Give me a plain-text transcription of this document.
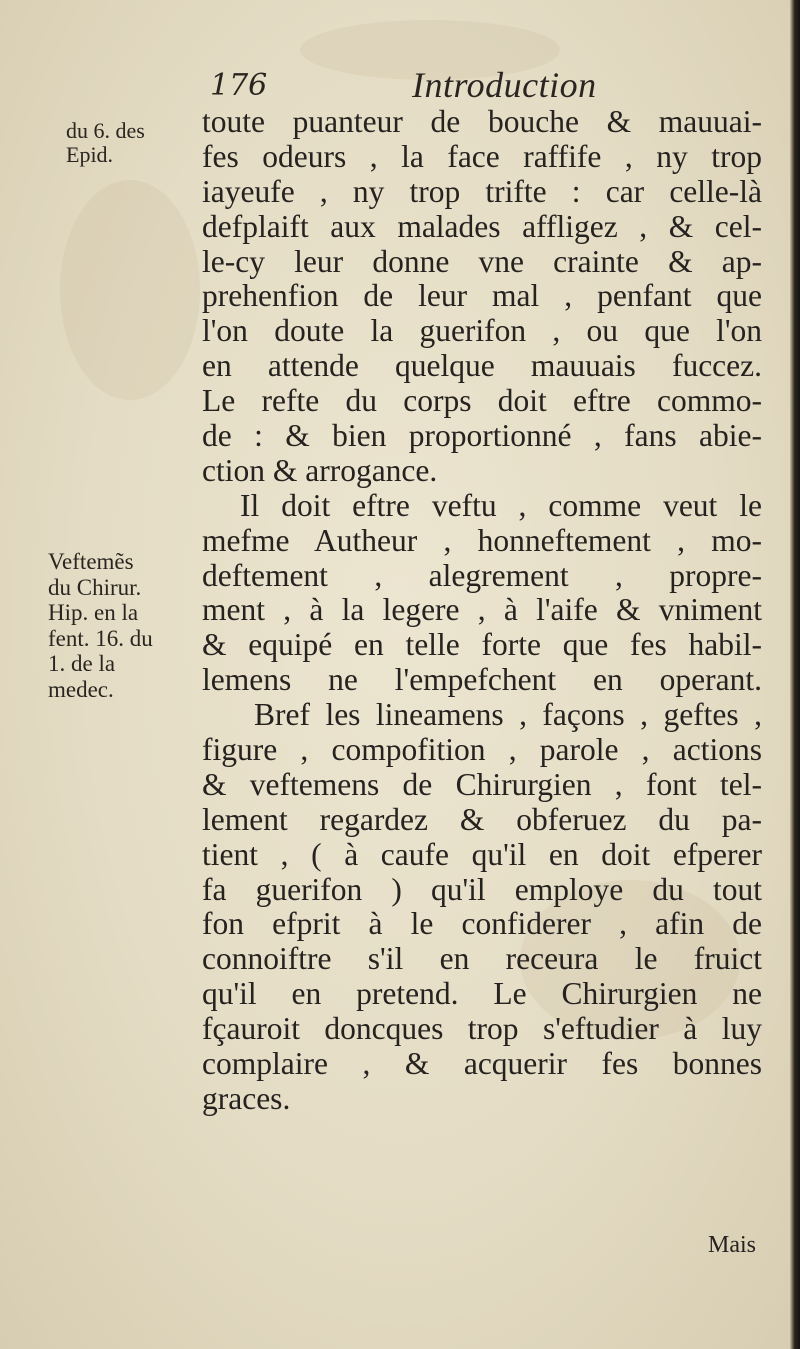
176	Introduction
du 6. des
Epid.
Veftemẽs
du Chirur.
Hip. en la
fent. 16. du
1. de la
medec.
toute puanteur de bouche & mauuai-
fes odeurs , la face raffife , ny trop
iayeufe , ny trop trifte : car celle-là
defplaift aux malades affligez , & cel-
le-cy leur donne vne crainte & ap-
prehenfion de leur mal , penfant que
l'on doute la guerifon , ou que l'on
en attende quelque mauuais fuccez.
Le refte du corps doit eftre commo-
de : & bien proportionné , fans abie-
ction & arrogance.
Il doit eftre veftu , comme veut le
mefme Autheur , honneftement , mo-
deftement , alegrement , propre-
ment , à la legere , à l'aife & vniment
& equipé en telle forte que fes habil-
lemens ne l'empefchent en operant.
Bref les lineamens , façons , geftes ,
figure , compofition , parole , actions
& veftemens de Chirurgien , font tel-
lement regardez & obferuez du pa-
tient , ( à caufe qu'il en doit efperer
fa guerifon ) qu'il employe du tout
fon efprit à le confiderer , afin de
connoiftre s'il en receura le fruict
qu'il en pretend. Le Chirurgien ne
fçauroit doncques trop s'eftudier à luy
complaire , & acquerir fes bonnes
graces.
Mais
